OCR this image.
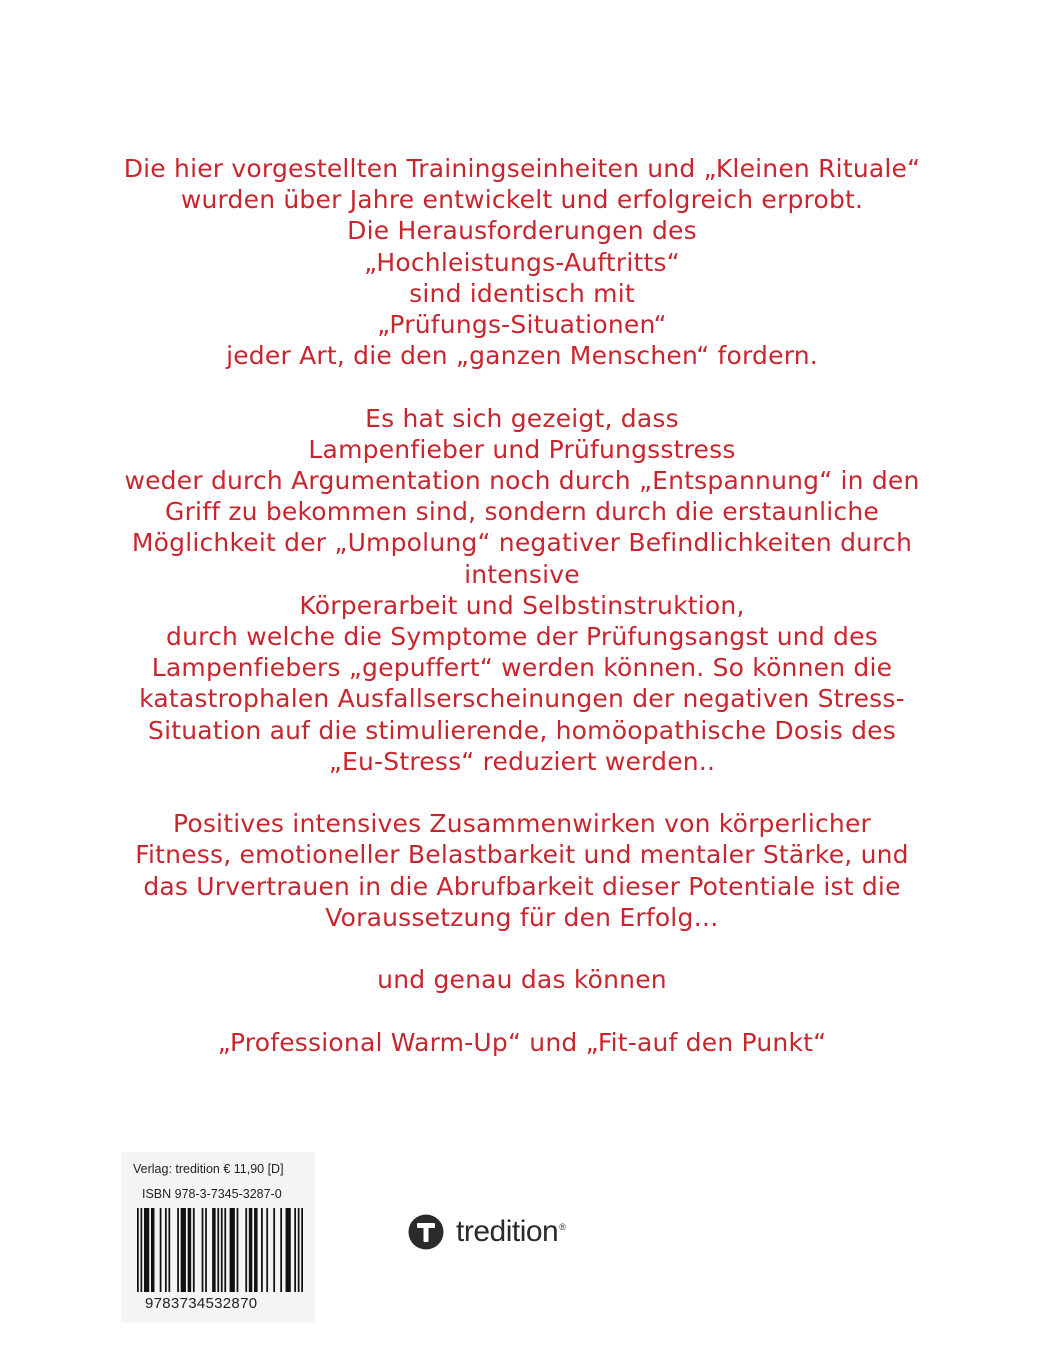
Die hier vorgestellten Trainingseinheiten und „Kleinen Rituale“
wurden über Jahre entwickelt und erfolgreich erprobt.
Die Herausforderungen des
„Hochleistungs-Auftritts“
sind identisch mit
„Prüfungs-Situationen“
jeder Art, die den „ganzen Menschen“ fordern.
Es hat sich gezeigt, dass
Lampenfieber und Prüfungsstress
weder durch Argumentation noch durch „Entspannung“ in den
Griff zu bekommen sind, sondern durch die erstaunliche
Möglichkeit der „Umpolung“ negativer Befindlichkeiten durch
intensive
Körperarbeit und Selbstinstruktion,
durch welche die Symptome der Prüfungsangst und des
Lampenfiebers „gepuffert“ werden können. So können die
katastrophalen Ausfallserscheinungen der negativen Stress-
Situation auf die stimulierende, homöopathische Dosis des
„Eu-Stress“ reduziert werden..
Positives intensives Zusammenwirken von körperlicher
Fitness, emotioneller Belastbarkeit und mentaler Stärke, und
das Urvertrauen in die Abrufbarkeit dieser Potentiale ist die
Voraussetzung für den Erfolg…
und genau das können
„Professional Warm-Up“ und „Fit-auf den Punkt“
Verlag: tredition € 11,90 [D]
ISBN 978-3-7345-3287-0
9783734532870
tredition®
